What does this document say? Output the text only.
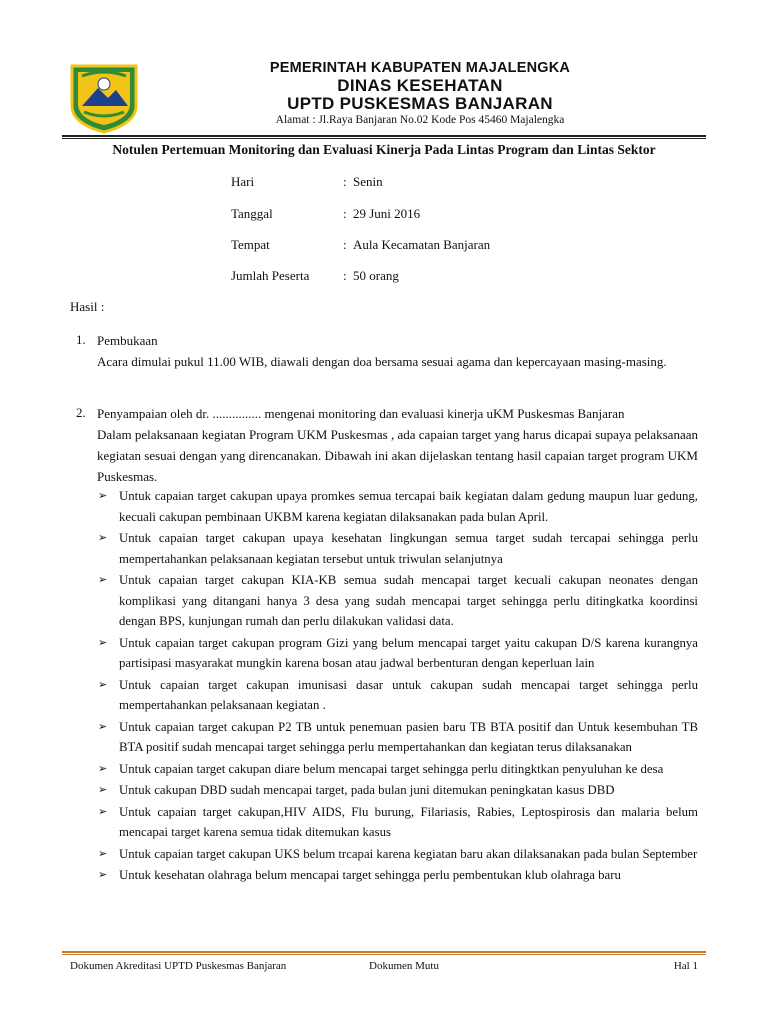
PEMERINTAH KABUPATEN MAJALENGKA
DINAS KESEHATAN
UPTD PUSKESMAS BANJARAN
Alamat : Jl.Raya Banjaran No.02 Kode Pos 45460 Majalengka
Notulen Pertemuan Monitoring dan Evaluasi Kinerja Pada Lintas Program dan Lintas Sektor
Hari	: Senin
Tanggal	: 29 Juni 2016
Tempat	: Aula Kecamatan Banjaran
Jumlah Peserta	: 50 orang
Hasil :
1. Pembukaan
Acara dimulai pukul 11.00 WIB, diawali dengan doa bersama sesuai agama dan kepercayaan masing-masing.
2. Penyampaian oleh dr. ............... mengenai monitoring dan evaluasi kinerja uKM Puskesmas Banjaran
Dalam pelaksanaan kegiatan Program UKM Puskesmas , ada capaian target yang harus dicapai supaya pelaksanaan kegiatan sesuai dengan yang direncanakan. Dibawah ini akan dijelaskan tentang hasil capaian target program UKM Puskesmas.
➢ Untuk capaian target cakupan upaya promkes semua tercapai baik kegiatan dalam gedung maupun luar gedung, kecuali cakupan pembinaan UKBM karena kegiatan dilaksanakan pada bulan April.
➢ Untuk capaian target cakupan upaya kesehatan lingkungan semua target sudah tercapai sehingga perlu mempertahankan pelaksanaan kegiatan tersebut untuk triwulan selanjutnya
➢ Untuk capaian target cakupan KIA-KB semua sudah mencapai target kecuali cakupan neonates dengan komplikasi yang ditangani hanya 3 desa yang sudah mencapai target sehingga perlu ditingkatka koordinsi dengan BPS, kunjungan rumah dan perlu dilakukan validasi data.
➢ Untuk capaian target cakupan program Gizi yang belum mencapai target yaitu cakupan D/S karena kurangnya partisipasi masyarakat mungkin karena bosan atau jadwal berbenturan dengan keperluan lain
➢ Untuk capaian target cakupan imunisasi dasar untuk cakupan sudah mencapai target sehingga perlu mempertahankan pelaksanaan kegiatan .
➢ Untuk capaian target cakupan P2 TB untuk penemuan pasien baru TB BTA positif dan Untuk kesembuhan TB BTA positif sudah mencapai target sehingga perlu mempertahankan dan kegiatan terus dilaksanakan
➢ Untuk capaian target cakupan diare belum mencapai target sehingga perlu ditingktkan penyuluhan ke desa
➢ Untuk cakupan DBD sudah mencapai target, pada bulan juni ditemukan peningkatan kasus DBD
➢ Untuk capaian target cakupan,HIV AIDS, Flu burung, Filariasis, Rabies, Leptospirosis dan malaria belum mencapai target karena semua tidak ditemukan kasus
➢ Untuk capaian target cakupan UKS belum trcapai karena kegiatan baru akan dilaksanakan pada bulan September
➢ Untuk kesehatan olahraga belum mencapai target sehingga perlu pembentukan klub olahraga baru
Dokumen Akreditasi UPTD Puskesmas Banjaran	Dokumen Mutu	Hal 1
